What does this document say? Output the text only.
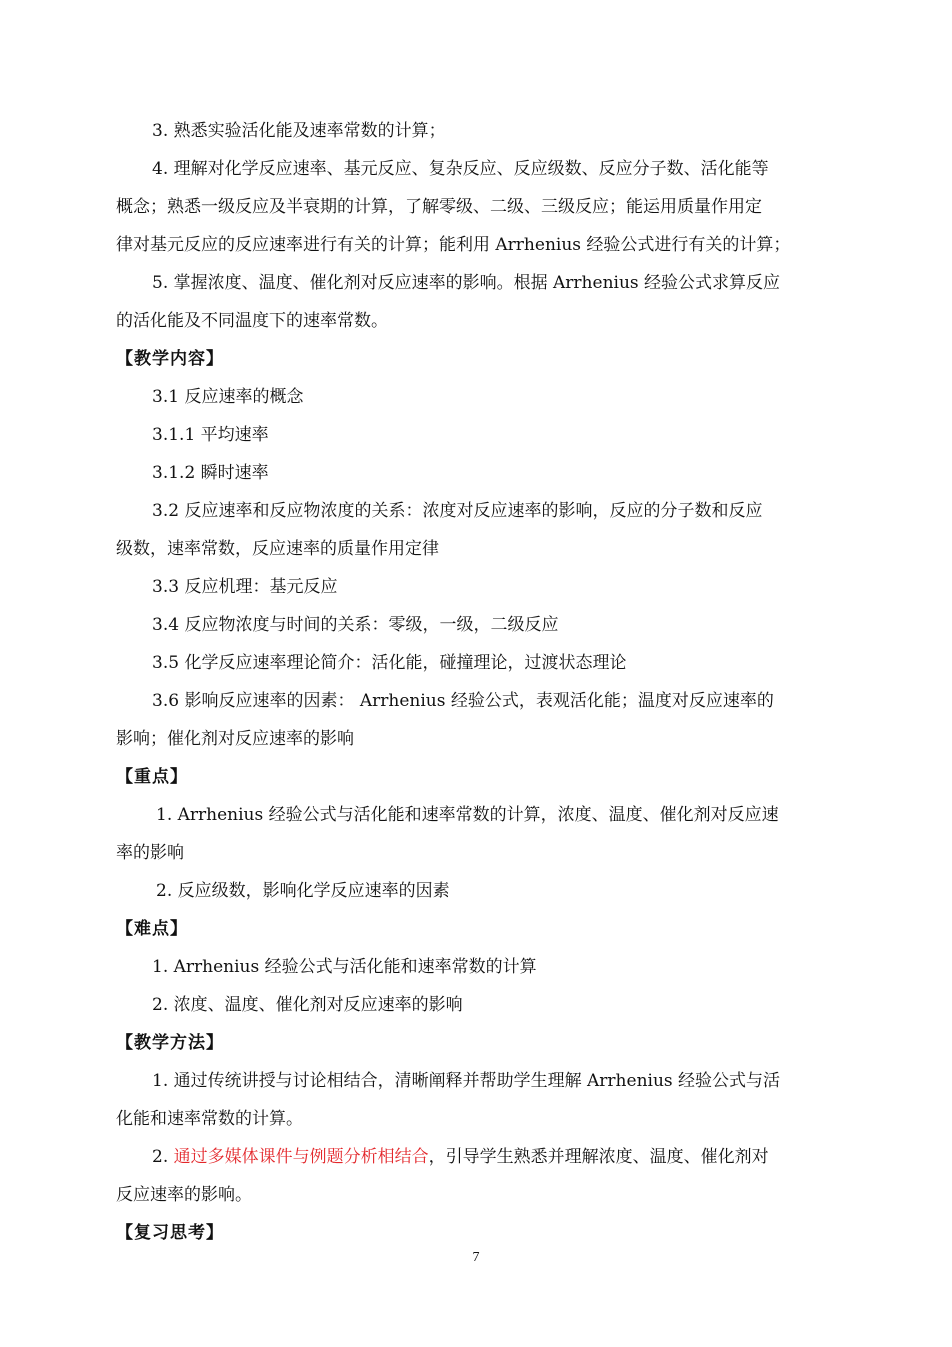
3. 熟悉实验活化能及速率常数的计算；
4. 理解对化学反应速率、基元反应、复杂反应、反应级数、反应分子数、活化能等
概念；熟悉一级反应及半衰期的计算，了解零级、二级、三级反应；能运用质量作用定
律对基元反应的反应速率进行有关的计算；能利用 Arrhenius 经验公式进行有关的计算；
5. 掌握浓度、温度、催化剂对反应速率的影响。根据 Arrhenius 经验公式求算反应
的活化能及不同温度下的速率常数。
【教学内容】
3.1 反应速率的概念
3.1.1 平均速率
3.1.2 瞬时速率
3.2 反应速率和反应物浓度的关系：浓度对反应速率的影响，反应的分子数和反应
级数，速率常数，反应速率的质量作用定律
3.3 反应机理：基元反应
3.4 反应物浓度与时间的关系：零级，一级，二级反应
3.5 化学反应速率理论简介：活化能，碰撞理论，过渡状态理论
3.6 影响反应速率的因素： Arrhenius 经验公式，表观活化能；温度对反应速率的
影响；催化剂对反应速率的影响
【重点】
1. Arrhenius 经验公式与活化能和速率常数的计算，浓度、温度、催化剂对反应速
率的影响
2. 反应级数，影响化学反应速率的因素
【难点】
1. Arrhenius 经验公式与活化能和速率常数的计算
2. 浓度、温度、催化剂对反应速率的影响
【教学方法】
1. 通过传统讲授与讨论相结合，清晰阐释并帮助学生理解 Arrhenius 经验公式与活
化能和速率常数的计算。
2. 通过多媒体课件与例题分析相结合，引导学生熟悉并理解浓度、温度、催化剂对
反应速率的影响。
【复习思考】
7
